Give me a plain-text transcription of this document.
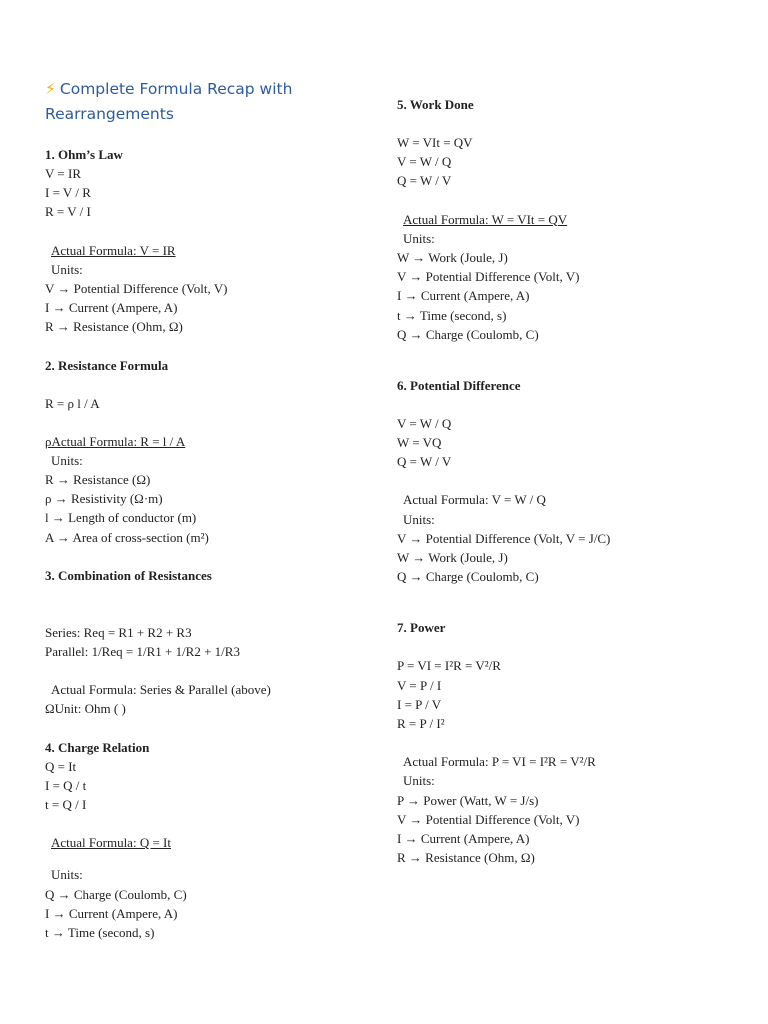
⚡ Complete Formula Recap with Rearrangements
1. Ohm’s Law
V = IR
I = V / R
R = V / I
Actual Formula: V = IR
Units:
V → Potential Difference (Volt, V)
I → Current (Ampere, A)
R → Resistance (Ohm, Ω)
2. Resistance Formula
R = ρ l / A
ρActual Formula: R = l / A
Units:
R → Resistance (Ω)
ρ → Resistivity (Ω·m)
l → Length of conductor (m)
A → Area of cross-section (m²)
3. Combination of Resistances
Series: Req = R1 + R2 + R3
Parallel: 1/Req = 1/R1 + 1/R2 + 1/R3
Actual Formula: Series & Parallel (above)
ΩUnit: Ohm ( )
4. Charge Relation
Q = It
I = Q / t
t = Q / I
Actual Formula: Q = It
Units:
Q → Charge (Coulomb, C)
I → Current (Ampere, A)
t → Time (second, s)
5. Work Done
W = VIt = QV
V = W / Q
Q = W / V
Actual Formula: W = VIt = QV
Units:
W → Work (Joule, J)
V → Potential Difference (Volt, V)
I → Current (Ampere, A)
t → Time (second, s)
Q → Charge (Coulomb, C)
6. Potential Difference
V = W / Q
W = VQ
Q = W / V
Actual Formula: V = W / Q
Units:
V → Potential Difference (Volt, V = J/C)
W → Work (Joule, J)
Q → Charge (Coulomb, C)
7. Power
P = VI = I²R = V²/R
V = P / I
I = P / V
R = P / I²
Actual Formula: P = VI = I²R = V²/R
Units:
P → Power (Watt, W = J/s)
V → Potential Difference (Volt, V)
I → Current (Ampere, A)
R → Resistance (Ohm, Ω)
